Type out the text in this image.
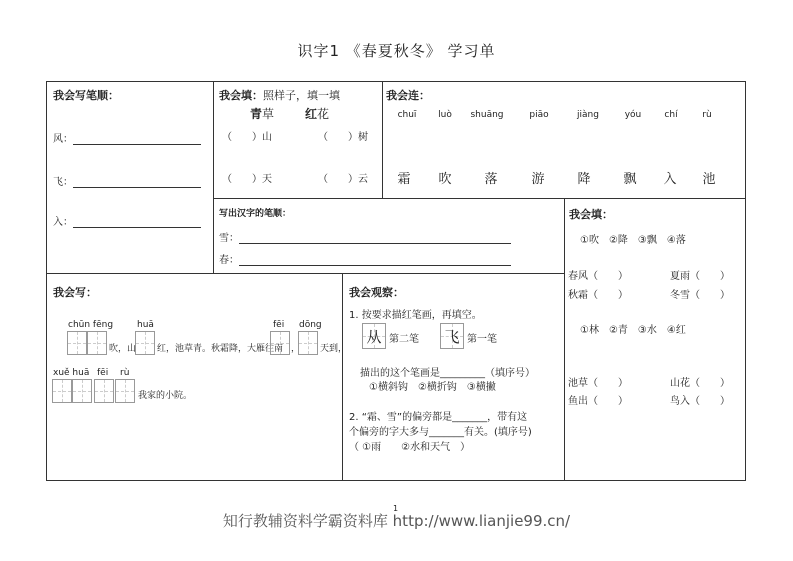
识字1 《春夏秋冬》 学习单
我会写笔顺：
风：
飞：
入：
我会填：照样子，填一填
青草	红花
（　　）山	（　　）树
（　　）天	（　　）云
我会连：
chuī	luò	shuāng	piāo	jiàng	yóu	chí	rù
霜 吹	落	游	降	飘 入 池
写出汉字的笔顺：
雪：
春：
我会填：
①吹　②降　③飘　④落
春风（　　）	夏雨（　　）
秋霜（　　）	冬雪（　　）
①林　②青　③水　④红
池草（　　）	山花（　　）
鱼出（　　）	鸟入（　　）
我会写：
chūn fēng
吹，山
huā
红，池草青。秋霜降，大雁往南
fēi
，
dōng
天到，
xuě huā fēi rù
我家的小院。
我会观察：
1. 按要求描红笔画，再填空。
从 第二笔 飞 第一笔
描出的这个笔画是_________（填序号）
①横斜钩　②横折钩　③横撇
2. “霜、雪”的偏旁都是_______，带有这
个偏旁的字大多与_______有关。(填序号)
（ ①雨　　②水和天气　）
1
知行教辅资料学霸资料库 http://www.lianjie99.cn/
